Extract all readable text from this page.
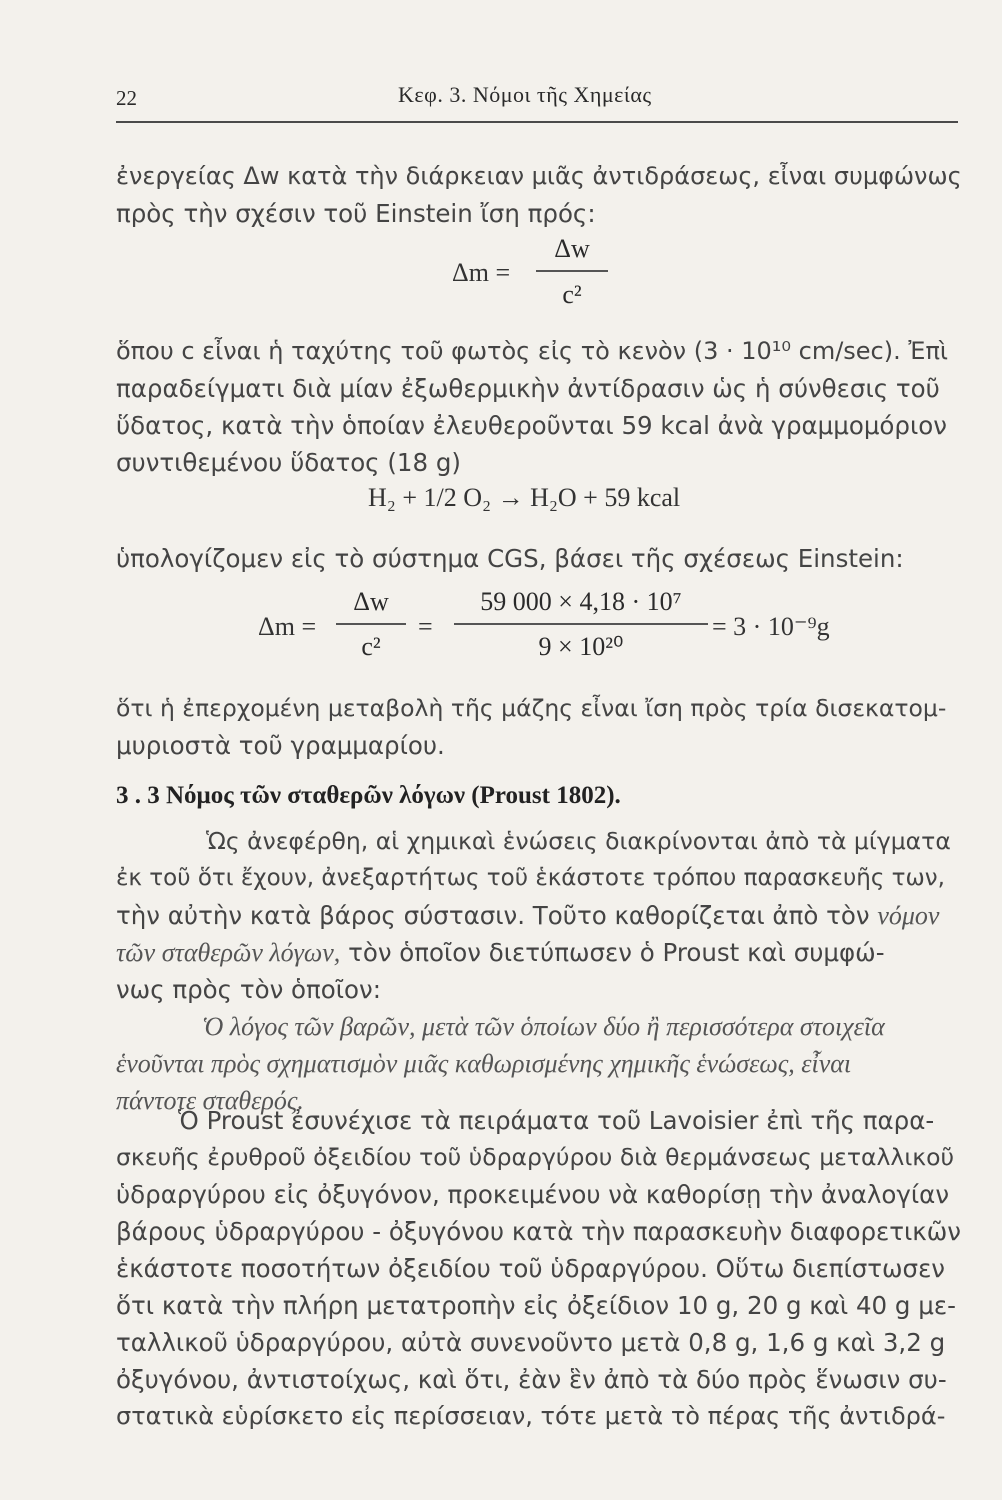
22	Κεφ. 3. Νόμοι τῆς Χημείας
ἐνεργείας Δw κατὰ τὴν διάρκειαν μιᾶς ἀντιδράσεως, εἶναι συμφώνως
πρὸς τὴν σχέσιν τοῦ Einstein ἴση πρός:
Δm =
Δw
c²
ὅπου c εἶναι ἡ ταχύτης τοῦ φωτὸς εἰς τὸ κενὸν (3 · 10¹⁰ cm/sec). Ἐπὶ
παραδείγματι διὰ μίαν ἐξωθερμικὴν ἀντίδρασιν ὡς ἡ σύνθεσις τοῦ
ὕδατος, κατὰ τὴν ὁποίαν ἐλευθεροῦνται 59 kcal ἀνὰ γραμμομόριον
συντιθεμένου ὕδατος (18 g)
H₂ + 1/2 O₂ → H₂O + 59 kcal
ὑπολογίζομεν εἰς τὸ σύστημα CGS, βάσει τῆς σχέσεως Einstein:
Δm =
Δw
c²
=
59 000 × 4,18 · 10⁷
9 × 10²⁰
= 3 · 10⁻⁹g
ὅτι ἡ ἐπερχομένη μεταβολὴ τῆς μάζης εἶναι ἴση πρὸς τρία δισεκατομ-
μυριοστὰ τοῦ γραμμαρίου.
3 . 3 Νόμος τῶν σταθερῶν λόγων (Proust 1802).
Ὡς ἀνεφέρθη, αἱ χημικαὶ ἑνώσεις διακρίνονται ἀπὸ τὰ μίγματα
ἐκ τοῦ ὅτι ἔχουν, ἀνεξαρτήτως τοῦ ἑκάστοτε τρόπου παρασκευῆς των,
τὴν αὐτὴν κατὰ βάρος σύστασιν. Τοῦτο καθορίζεται ἀπὸ τὸν νόμον
τῶν σταθερῶν λόγων, τὸν ὁποῖον διετύπωσεν ὁ Proust καὶ συμφώ-
νως πρὸς τὸν ὁποῖον:
Ὁ λόγος τῶν βαρῶν, μετὰ τῶν ὁποίων δύο ἢ περισσότερα στοιχεῖα
ἑνοῦνται πρὸς σχηματισμὸν μιᾶς καθωρισμένης χημικῆς ἑνώσεως, εἶναι
πάντοτε σταθερός.
Ὁ Proust ἐσυνέχισε τὰ πειράματα τοῦ Lavoisier ἐπὶ τῆς παρα-
σκευῆς ἐρυθροῦ ὀξειδίου τοῦ ὑδραργύρου διὰ θερμάνσεως μεταλλικοῦ
ὑδραργύρου εἰς ὀξυγόνον, προκειμένου νὰ καθορίσῃ τὴν ἀναλογίαν
βάρους ὑδραργύρου - ὀξυγόνου κατὰ τὴν παρασκευὴν διαφορετικῶν
ἑκάστοτε ποσοτήτων ὀξειδίου τοῦ ὑδραργύρου. Οὕτω διεπίστωσεν
ὅτι κατὰ τὴν πλήρη μετατροπὴν εἰς ὀξείδιον 10 g, 20 g καὶ 40 g με-
ταλλικοῦ ὑδραργύρου, αὐτὰ συνενοῦντο μετὰ 0,8 g, 1,6 g καὶ 3,2 g
ὀξυγόνου, ἀντιστοίχως, καὶ ὅτι, ἐὰν ἓν ἀπὸ τὰ δύο πρὸς ἕνωσιν συ-
στατικὰ εὑρίσκετο εἰς περίσσειαν, τότε μετὰ τὸ πέρας τῆς ἀντιδρά-
